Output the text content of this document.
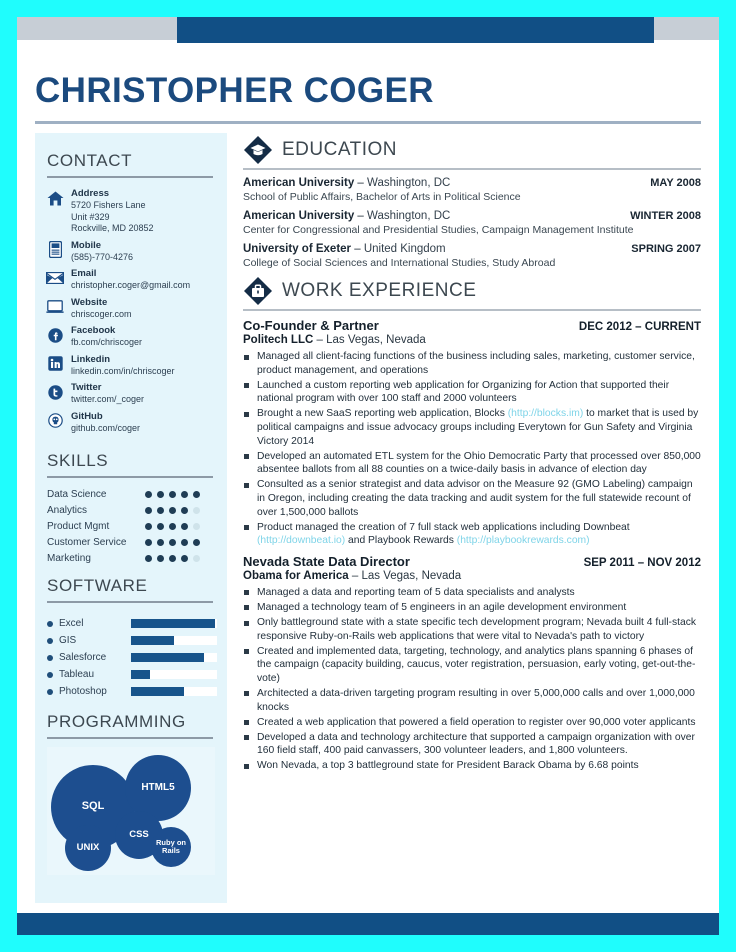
CHRISTOPHER COGER
CONTACT
Address
5720 Fishers Lane
Unit #329
Rockville, MD 20852
Mobile
(585)-770-4276
Email
christopher.coger@gmail.com
Website
chriscoger.com
Facebook
fb.com/chriscoger
Linkedin
linkedin.com/in/chriscoger
Twitter
twitter.com/_coger
GitHub
github.com/coger
SKILLS
Data Science
Analytics
Product Mgmt
Customer Service
Marketing
SOFTWARE
Excel
GIS
Salesforce
Tableau
Photoshop
PROGRAMMING
SQL
HTML5
CSS
UNIX	Ruby on Rails
EDUCATION
American University – Washington, DC	MAY 2008
School of Public Affairs, Bachelor of Arts in Political Science
American University – Washington, DC	WINTER 2008
Center for Congressional and Presidential Studies, Campaign Management Institute
University of Exeter – United Kingdom	SPRING 2007
College of Social Sciences and International Studies, Study Abroad
WORK EXPERIENCE
Co-Founder & Partner	DEC 2012 – CURRENT
Politech LLC – Las Vegas, Nevada
Managed all client-facing functions of the business including sales, marketing, customer service, product management, and operations
Launched a custom reporting web application for Organizing for Action that supported their national program with over 100 staff and 2000 volunteers
Brought a new SaaS reporting web application, Blocks (http://blocks.im) to market that is used by political campaigns and issue advocacy groups including Everytown for Gun Safety and Virginia Victory 2014
Developed an automated ETL system for the Ohio Democratic Party that processed over 850,000 absentee ballots from all 88 counties on a twice-daily basis in advance of election day
Consulted as a senior strategist and data advisor on the Measure 92 (GMO Labeling) campaign in Oregon, including creating the data tracking and audit system for the full statewide recount of over 1,500,000 ballots
Product managed the creation of 7 full stack web applications including Downbeat (http://downbeat.io) and Playbook Rewards (http://playbookrewards.com)
Nevada State Data Director	SEP 2011 – NOV 2012
Obama for America – Las Vegas, Nevada
Managed a data and reporting team of 5 data specialists and analysts
Managed a technology team of 5 engineers in an agile development environment
Only battleground state with a state specific tech development program; Nevada built 4 full-stack responsive Ruby-on-Rails web applications that were vital to Nevada's path to victory
Created and implemented data, targeting, technology, and analytics plans spanning 6 phases of the campaign (capacity building, caucus, voter registration, persuasion, early voting, get-out-the-vote)
Architected a data-driven targeting program resulting in over 5,000,000 calls and over 1,000,000 knocks
Created a web application that powered a field operation to register over 90,000 voter applicants
Developed a data and technology architecture that supported a campaign organization with over 160 field staff, 400 paid canvassers, 300 volunteer leaders, and 1,800 volunteers.
Won Nevada, a top 3 battleground state for President Barack Obama by 6.68 points
